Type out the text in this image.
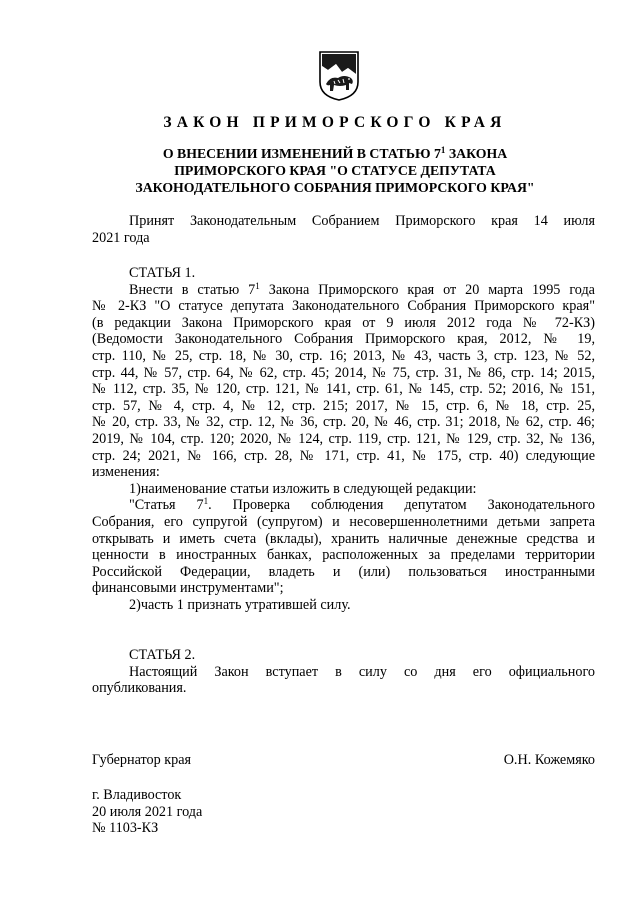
ЗАКОН ПРИМОРСКОГО КРАЯ
О ВНЕСЕНИИ ИЗМЕНЕНИЙ В СТАТЬЮ $7^1$ ЗАКОНА
ПРИМОРСКОГО КРАЯ "О СТАТУСЕ ДЕПУТАТА
ЗАКОНОДАТЕЛЬНОГО СОБРАНИЯ ПРИМОРСКОГО КРАЯ"
Принят Законодательным Собранием Приморского края 14 июля
2021 года
СТАТЬЯ 1.
Внести в статью $7^1$ Закона Приморского края от 20 марта 1995 года
№ 2-КЗ "О статусе депутата Законодательного Собрания Приморского края"
(в редакции Закона Приморского края от 9 июля 2012 года № 72-КЗ)
(Ведомости Законодательного Собрания Приморского края, 2012, № 19,
стр. 110, № 25, стр. 18, № 30, стр. 16; 2013, № 43, часть 3, стр. 123, № 52,
стр. 44, № 57, стр. 64, № 62, стр. 45; 2014, № 75, стр. 31, № 86, стр. 14; 2015,
№ 112, стр. 35, № 120, стр. 121, № 141, стр. 61, № 145, стр. 52; 2016, № 151,
стр. 57, № 4, стр. 4, № 12, стр. 215; 2017, № 15, стр. 6, № 18, стр. 25,
№ 20, стр. 33, № 32, стр. 12, № 36, стр. 20, № 46, стр. 31; 2018, № 62, стр. 46;
2019, № 104, стр. 120; 2020, № 124, стр. 119, стр. 121, № 129, стр. 32, № 136,
стр. 24; 2021, № 166, стр. 28, № 171, стр. 41, № 175, стр. 40) следующие
изменения:
1)наименование статьи изложить в следующей редакции:
"Статья $7^1$. Проверка соблюдения депутатом Законодательного
Собрания, его супругой (супругом) и несовершеннолетними детьми запрета
открывать и иметь счета (вклады), хранить наличные денежные средства и
ценности в иностранных банках, расположенных за пределами территории
Российской Федерации, владеть и (или) пользоваться иностранными
финансовыми инструментами";
2)часть 1 признать утратившей силу.
СТАТЬЯ 2.
Настоящий Закон вступает в силу со дня его официального
опубликования.
Губернатор края	О.Н. Кожемяко
г. Владивосток
20 июля 2021 года
№ 1103-КЗ
